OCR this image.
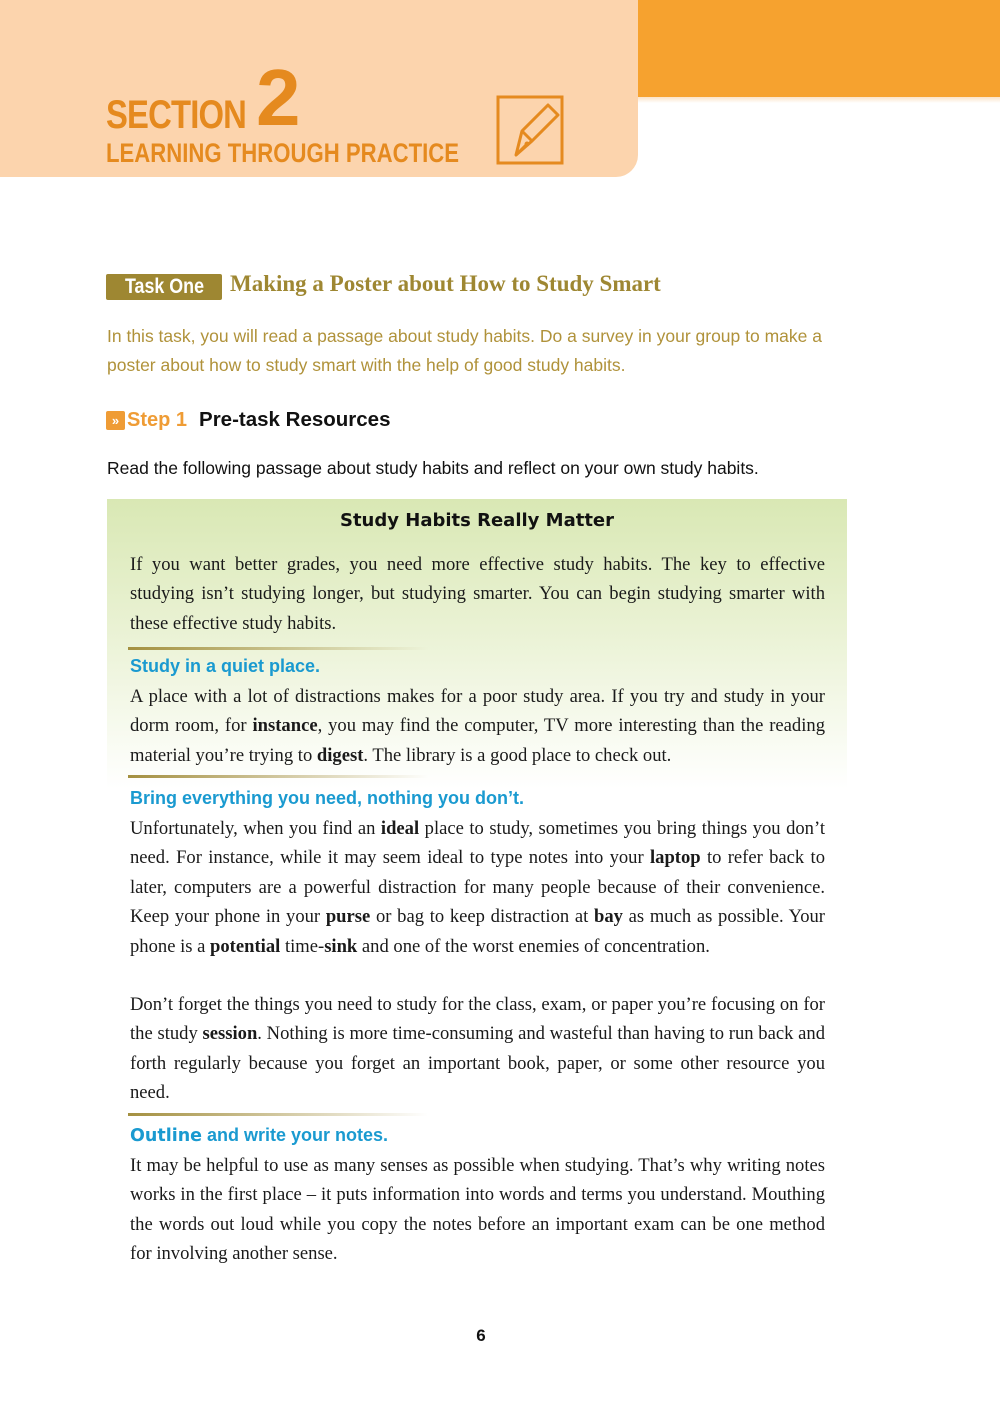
SECTION 2
LEARNING THROUGH PRACTICE
Task One Making a Poster about How to Study Smart
In this task, you will read a passage about study habits. Do a survey in your group to make a poster about how to study smart with the help of good study habits.
» Step 1 Pre-task Resources
Read the following passage about study habits and reflect on your own study habits.
Study Habits Really Matter

If you want better grades, you need more effective study habits. The key to effective studying isn’t studying longer, but studying smarter. You can begin studying smarter with these effective study habits.

Study in a quiet place.

A place with a lot of distractions makes for a poor study area. If you try and study in your dorm room, for instance, you may find the computer, TV more interesting than the reading material you’re trying to digest. The library is a good place to check out.

Bring everything you need, nothing you don’t.

Unfortunately, when you find an ideal place to study, sometimes you bring things you don’t need. For instance, while it may seem ideal to type notes into your laptop to refer back to later, computers are a powerful distraction for many people because of their convenience. Keep your phone in your purse or bag to keep distraction at bay as much as possible. Your phone is a potential time-sink and one of the worst enemies of concentration.

Don’t forget the things you need to study for the class, exam, or paper you’re focusing on for the study session. Nothing is more time-consuming and wasteful than having to run back and forth regularly because you forget an important book, paper, or some other resource you need.

Outline and write your notes.

It may be helpful to use as many senses as possible when studying. That’s why writing notes works in the first place – it puts information into words and terms you understand. Mouthing the words out loud while you copy the notes before an important exam can be one method for involving another sense.

6
